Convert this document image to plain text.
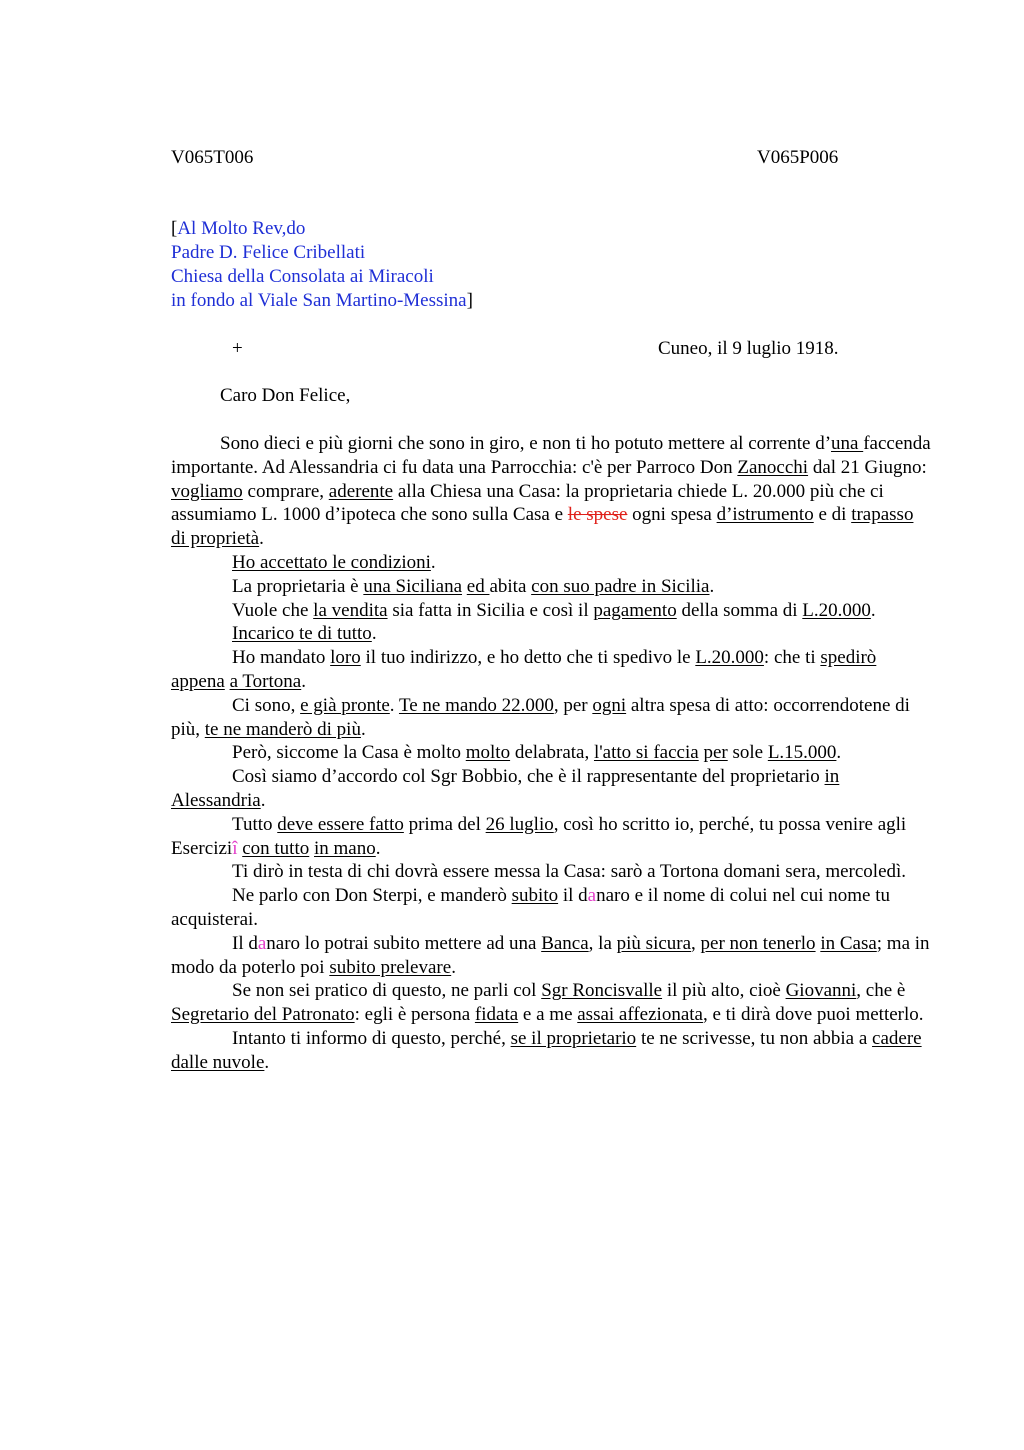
V065T006	V065P006
[Al Molto Rev,do
Padre D. Felice Cribellati
Chiesa della Consolata ai Miracoli
in fondo al Viale San Martino-Messina]
+	Cuneo, il 9 luglio 1918.
Caro Don Felice,

Sono dieci e più giorni che sono in giro, e non ti ho potuto mettere al corrente d’una faccenda importante. Ad Alessandria ci fu data una Parrocchia: c'è per Parroco Don Zanocchi dal 21 Giugno: vogliamo comprare, aderente alla Chiesa una Casa: la proprietaria chiede L. 20.000 più che ci assumiamo L. 1000 d’ipoteca che sono sulla Casa e le spese ogni spesa d’istrumento e di trapasso di proprietà.

Ho accettato le condizioni.

La proprietaria è una Siciliana ed abita con suo padre in Sicilia.

Vuole che la vendita sia fatta in Sicilia e così il pagamento della somma di L.20.000.

Incarico te di tutto.

Ho mandato loro il tuo indirizzo, e ho detto che ti spedivo le L.20.000: che ti spedirò appena a Tortona.

Ci sono, e già pronte. Te ne mando 22.000, per ogni altra spesa di atto: occorrendotene di più, te ne manderò di più.

Però, siccome la Casa è molto molto delabrata, l'atto si faccia per sole L.15.000.

Così siamo d’accordo col Sgr Bobbio, che è il rappresentante del proprietario in Alessandria.

Tutto deve essere fatto prima del 26 luglio, così ho scritto io, perché, tu possa venire agli Eserciziî con tutto in mano.

Ti dirò in testa di chi dovrà essere messa la Casa: sarò a Tortona domani sera, mercoledì.

Ne parlo con Don Sterpi, e manderò subito il danaro e il nome di colui nel cui nome tu acquisterai.

Il danaro lo potrai subito mettere ad una Banca, la più sicura, per non tenerlo in Casa; ma in modo da poterlo poi subito prelevare.

Se non sei pratico di questo, ne parli col Sgr Roncisvalle il più alto, cioè Giovanni, che è Segretario del Patronato: egli è persona fidata e a me assai affezionata, e ti dirà dove puoi metterlo.

Intanto ti informo di questo, perché, se il proprietario te ne scrivesse, tu non abbia a cadere dalle nuvole.
